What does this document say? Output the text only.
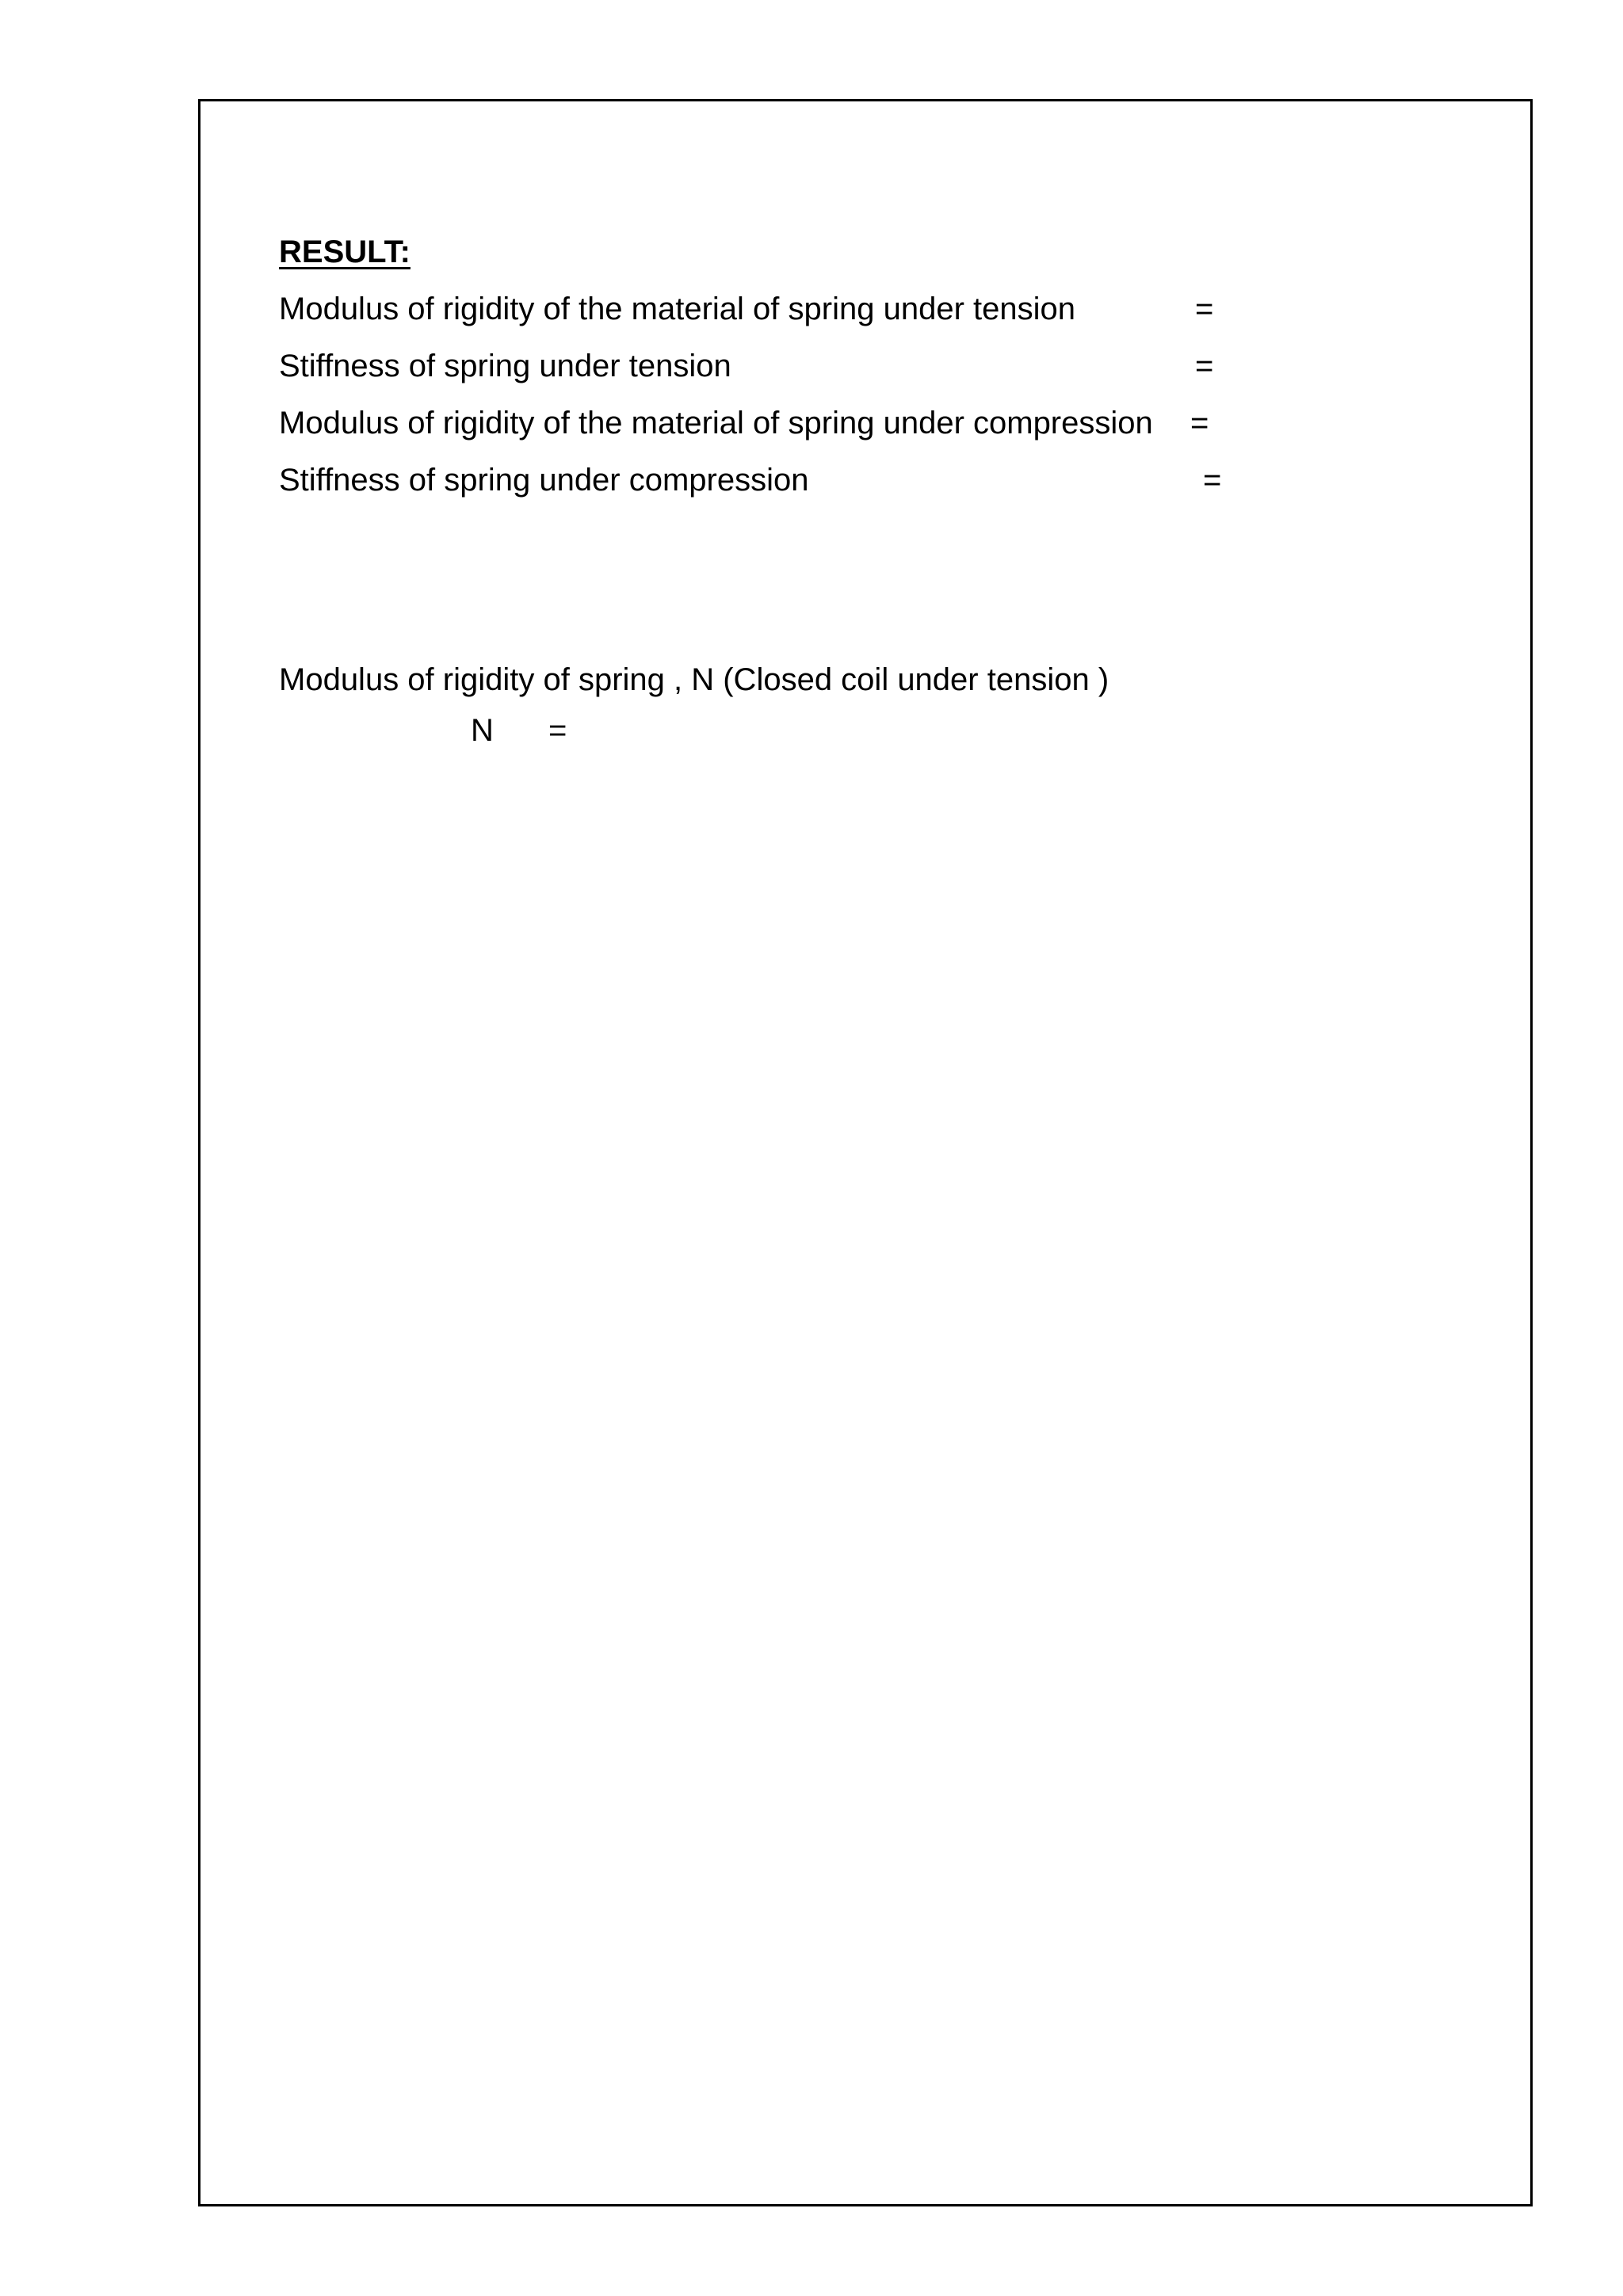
RESULT:
Modulus of rigidity of the material of spring under tension	=
Stiffness of spring under tension	=
Modulus of rigidity of the material of spring under compression =
Stiffness of spring under compression	=
Modulus of rigidity of spring , N (Closed coil under tension )
N =
